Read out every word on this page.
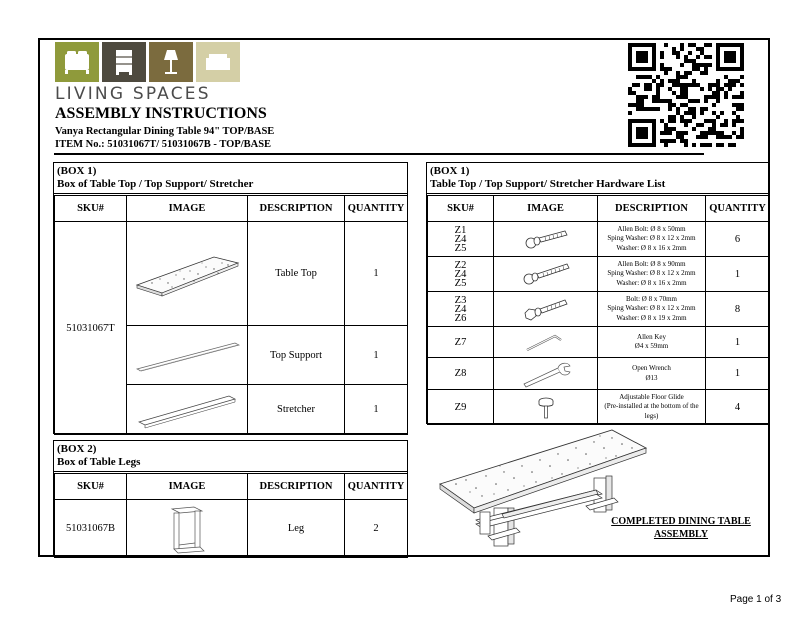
LIVING SPACES
ASSEMBLY INSTRUCTIONS
Vanya Rectangular Dining Table 94" TOP/BASE
ITEM No.: 51031067T/ 51031067B - TOP/BASE
(BOX 1)
Box of Table Top / Top Support/ Stretcher
SKU#	IMAGE	DESCRIPTION	QUANTITY
51031067T		Table Top	1

	Top Support	1

	Stretcher	1
(BOX 2)
Box of Table Legs
SKU#	IMAGE	DESCRIPTION	QUANTITY
51031067B		Leg	2
(BOX 1)
Table Top / Top Support/ Stretcher Hardware List
SKU#	IMAGE	DESCRIPTION	QUANTITY

Z1
Z4
Z5		Allen Bolt: Ø 8 x 50mm
Sping Washer: Ø 8 x 12 x 2mm
Washer: Ø 8 x 16 x 2mm	6

Z2
Z4
Z5		Allen Bolt: Ø 8 x 90mm
Sping Washer: Ø 8 x 12 x 2mm
Washer: Ø 8 x 16 x 2mm	1

Z3
Z4
Z6		Bolt: Ø 8 x 70mm
Sping Washer: Ø 8 x 12 x 2mm
Washer: Ø 8 x 19 x 2mm	8
Z7		Allen Key
Ø4 x 59mm	1
Z8		Open Wrench
Ø13	1
Z9		Adjustable Floor Glide
(Pre-installed at the bottom of the
legs)	4
COMPLETED DINING TABLE
ASSEMBLY
Page 1 of 3
